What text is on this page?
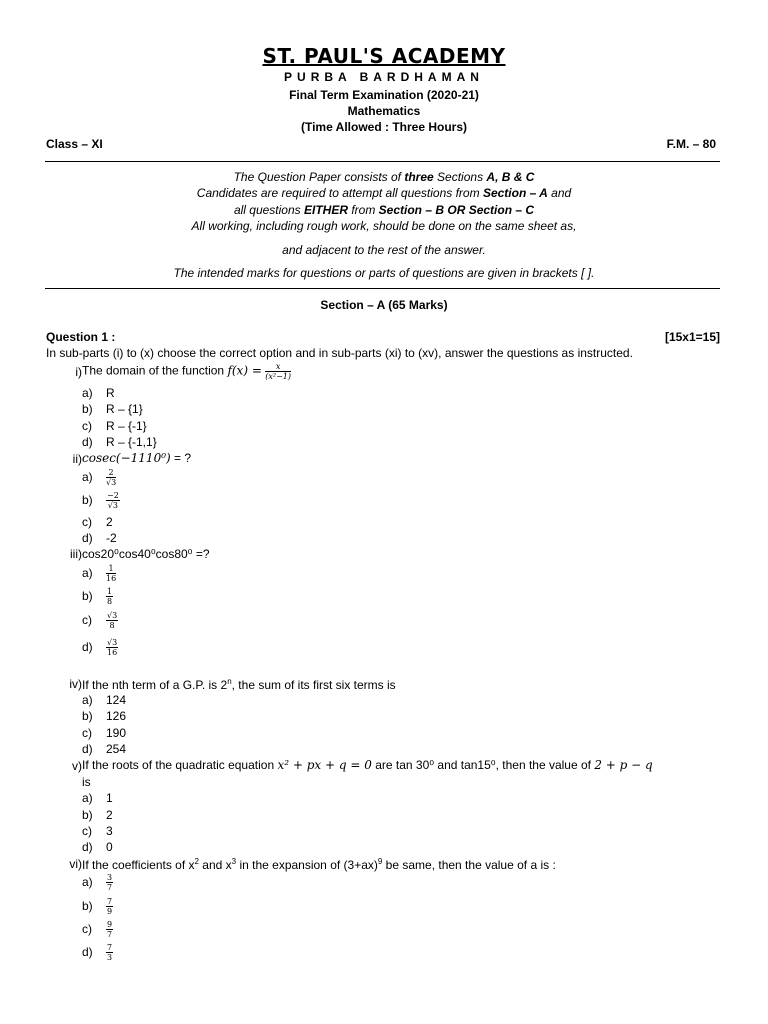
ST. PAUL'S ACADEMY
PURBA BARDHAMAN
Final Term Examination (2020-21)
Mathematics
(Time Allowed : Three Hours)
Class – XI	F.M. – 80
The Question Paper consists of three Sections A, B & C
Candidates are required to attempt all questions from Section – A and
all questions EITHER from Section – B OR Section – C
All working, including rough work, should be done on the same sheet as,
and adjacent to the rest of the answer.
The intended marks for questions or parts of questions are given in brackets [ ].
Section – A (65 Marks)
Question 1 :	[15x1=15]
In sub-parts (i) to (x) choose the correct option and in sub-parts (xi) to (xv), answer the questions as instructed.
i) The domain of the function $f(x) = \frac{x}{\text{(x²−1)}}$
a) R
b) R – {1}
c) R – {-1}
d) R – {-1,1}
ii) cosec(−1110⁰) = ?
$a) \frac{2}{√3}$
$b) \frac{-2}{√3}$
c) 2
d) -2
iii) cos20⁰cos40⁰cos80⁰ =?
$a) \frac{1}{16}$
$b) \frac{1}{8}$
$c) \frac{√3}{8}$
$d) \frac{√3}{16}$
iv) If the nth term of a G.P. is 2$^n$, the sum of its first six terms is
a) 124
b) 126
c) 190
d) 254
v) If the roots of the quadratic equation x² + px + q = 0 are tan 30⁰ and tan15⁰, then the value of 2 + p − q
is
a) 1
b) 2
c) 3
d) 0
vi) If the coefficients of $x^2$ and $x^3$ in the expansion of $(3+ax)^9$ be same, then the value of a is :
$a) \frac{3}{7}$
$b) \frac{7}{9}$
$c) \frac{9}{7}$
$d) \frac{7}{3}$
